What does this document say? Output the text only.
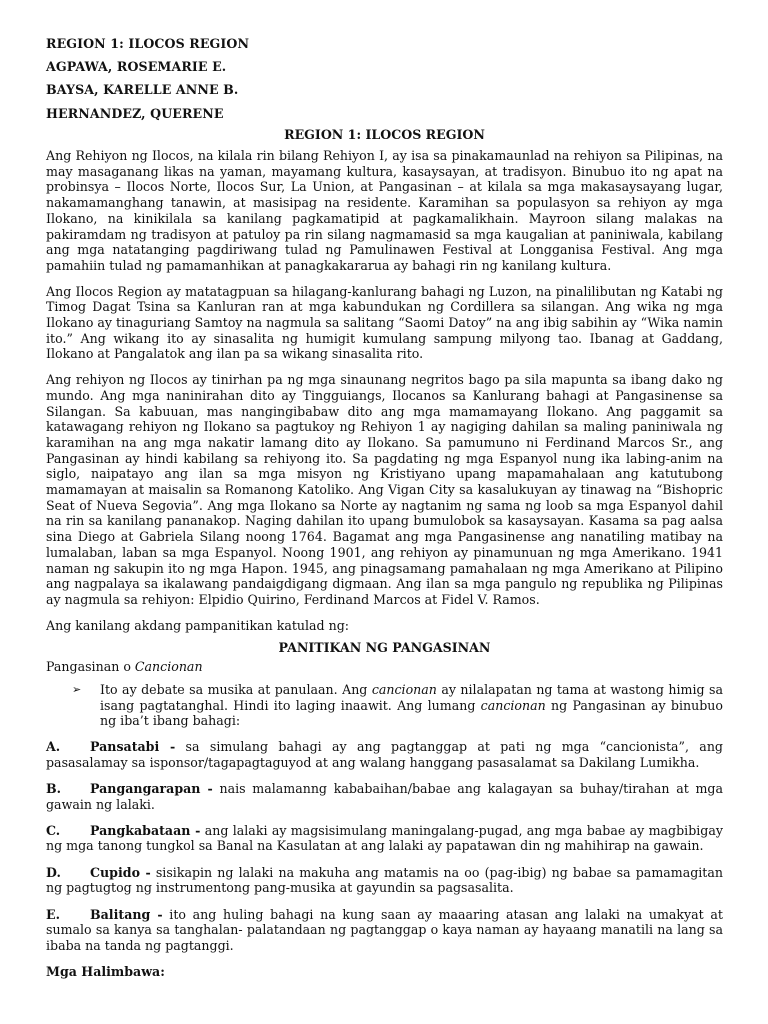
REGION 1: ILOCOS REGION
AGPAWA, ROSEMARIE E.
BAYSA, KARELLE ANNE B.
HERNANDEZ, QUERENE
REGION 1: ILOCOS REGION

Ang Rehiyon ng Ilocos, na kilala rin bilang Rehiyon I, ay isa sa pinakamaunlad na rehiyon sa Pilipinas, na may masaganang likas na yaman, mayamang kultura, kasaysayan, at tradisyon. Binubuo ito ng apat na probinsya – Ilocos Norte, Ilocos Sur, La Union, at Pangasinan – at kilala sa mga makasaysayang lugar, nakamamanghang tanawin, at masisipag na residente. Karamihan sa populasyon sa rehiyon ay mga Ilokano, na kinikilala sa kanilang pagkamatipid at pagkamalikhain. Mayroon silang malakas na pakiramdam ng tradisyon at patuloy pa rin silang nagmamasid sa mga kaugalian at paniniwala, kabilang ang mga natatanging pagdiriwang tulad ng Pamulinawen Festival at Longganisa Festival. Ang mga pamahiin tulad ng pamamanhikan at panagkakararua ay bahagi rin ng kanilang kultura.

Ang Ilocos Region ay matatagpuan sa hilagang-kanlurang bahagi ng Luzon, na pinalilibutan ng Katabi ng Timog Dagat Tsina sa Kanluran ran at mga kabundukan ng Cordillera sa silangan. Ang wika ng mga Ilokano ay tinaguriang Samtoy na nagmula sa salitang “Saomi Datoy” na ang ibig sabihin ay “Wika namin ito.” Ang wikang ito ay sinasalita ng humigit kumulang sampung milyong tao. Ibanag at Gaddang, Ilokano at Pangalatok ang ilan pa sa wikang sinasalita rito.

Ang rehiyon ng Ilocos ay tinirhan pa ng mga sinaunang negritos bago pa sila mapunta sa ibang dako ng mundo. Ang mga naninirahan dito ay Tingguiangs, Ilocanos sa Kanlurang bahagi at Pangasinense sa Silangan. Sa kabuuan, mas nangingibabaw dito ang mga mamamayang Ilokano. Ang paggamit sa katawagang rehiyon ng Ilokano sa pagtukoy ng Rehiyon 1 ay nagiging dahilan sa maling paniniwala ng karamihan na ang mga nakatir lamang dito ay Ilokano. Sa pamumuno ni Ferdinand Marcos Sr., ang Pangasinan ay hindi kabilang sa rehiyong ito. Sa pagdating ng mga Espanyol nung ika labing-anim na siglo, naipatayo ang ilan sa mga misyon ng Kristiyano upang mapamahalaan ang katutubong mamamayan at maisalin sa Romanong Katoliko. Ang Vigan City sa kasalukuyan ay tinawag na “Bishopric Seat of Nueva Segovia”. Ang mga Ilokano sa Norte ay nagtanim ng sama ng loob sa mga Espanyol dahil na rin sa kanilang pananakop. Naging dahilan ito upang bumulobok sa kasaysayan. Kasama sa pag aalsa sina Diego at Gabriela Silang noong 1764. Bagamat ang mga Pangasinense ang nanatiling matibay na lumalaban, laban sa mga Espanyol. Noong 1901, ang rehiyon ay pinamunuan ng mga Amerikano. 1941 naman ng sakupin ito ng mga Hapon. 1945, ang pinagsamang pamahalaan ng mga Amerikano at Pilipino ang nagpalaya sa ikalawang pandaigdigang digmaan. Ang ilan sa mga pangulo ng republika ng Pilipinas ay nagmula sa rehiyon: Elpidio Quirino, Ferdinand Marcos at Fidel V. Ramos.

Ang kanilang akdang pampanitikan katulad ng:

PANITIKAN NG PANGASINAN

Pangasinan o Cancionan

➢	Ito ay debate sa musika at panulaan. Ang cancionan ay nilalapatan ng tama at wastong himig sa isang pagtatanghal. Hindi ito laging inaawit. Ang lumang cancionan ng Pangasinan ay binubuo ng iba’t ibang bahagi:

A. Pansatabi - sa simulang bahagi ay ang pagtanggap at pati ng mga “cancionista”, ang pasasalamay sa isponsor/tagapagtaguyod at ang walang hanggang pasasalamat sa Dakilang Lumikha.

B. Pangangarapan - nais malamanng kababaihan/babae ang kalagayan sa buhay/tirahan at mga gawain ng lalaki.

C. Pangkabataan - ang lalaki ay magsisimulang maningalang-pugad, ang mga babae ay magbibigay ng mga tanong tungkol sa Banal na Kasulatan at ang lalaki ay papatawan din ng mahihirap na gawain.

D. Cupido - sisikapin ng lalaki na makuha ang matamis na oo (pag-ibig) ng babae sa pamamagitan ng pagtugtog ng instrumentong pang-musika at gayundin sa pagsasalita.

E. Balitang - ito ang huling bahagi na kung saan ay maaaring atasan ang lalaki na umakyat at sumalo sa kanya sa tanghalan- palatandaan ng pagtanggap o kaya naman ay hayaang manatili na lang sa ibaba na tanda ng pagtanggi.

Mga Halimbawa:
